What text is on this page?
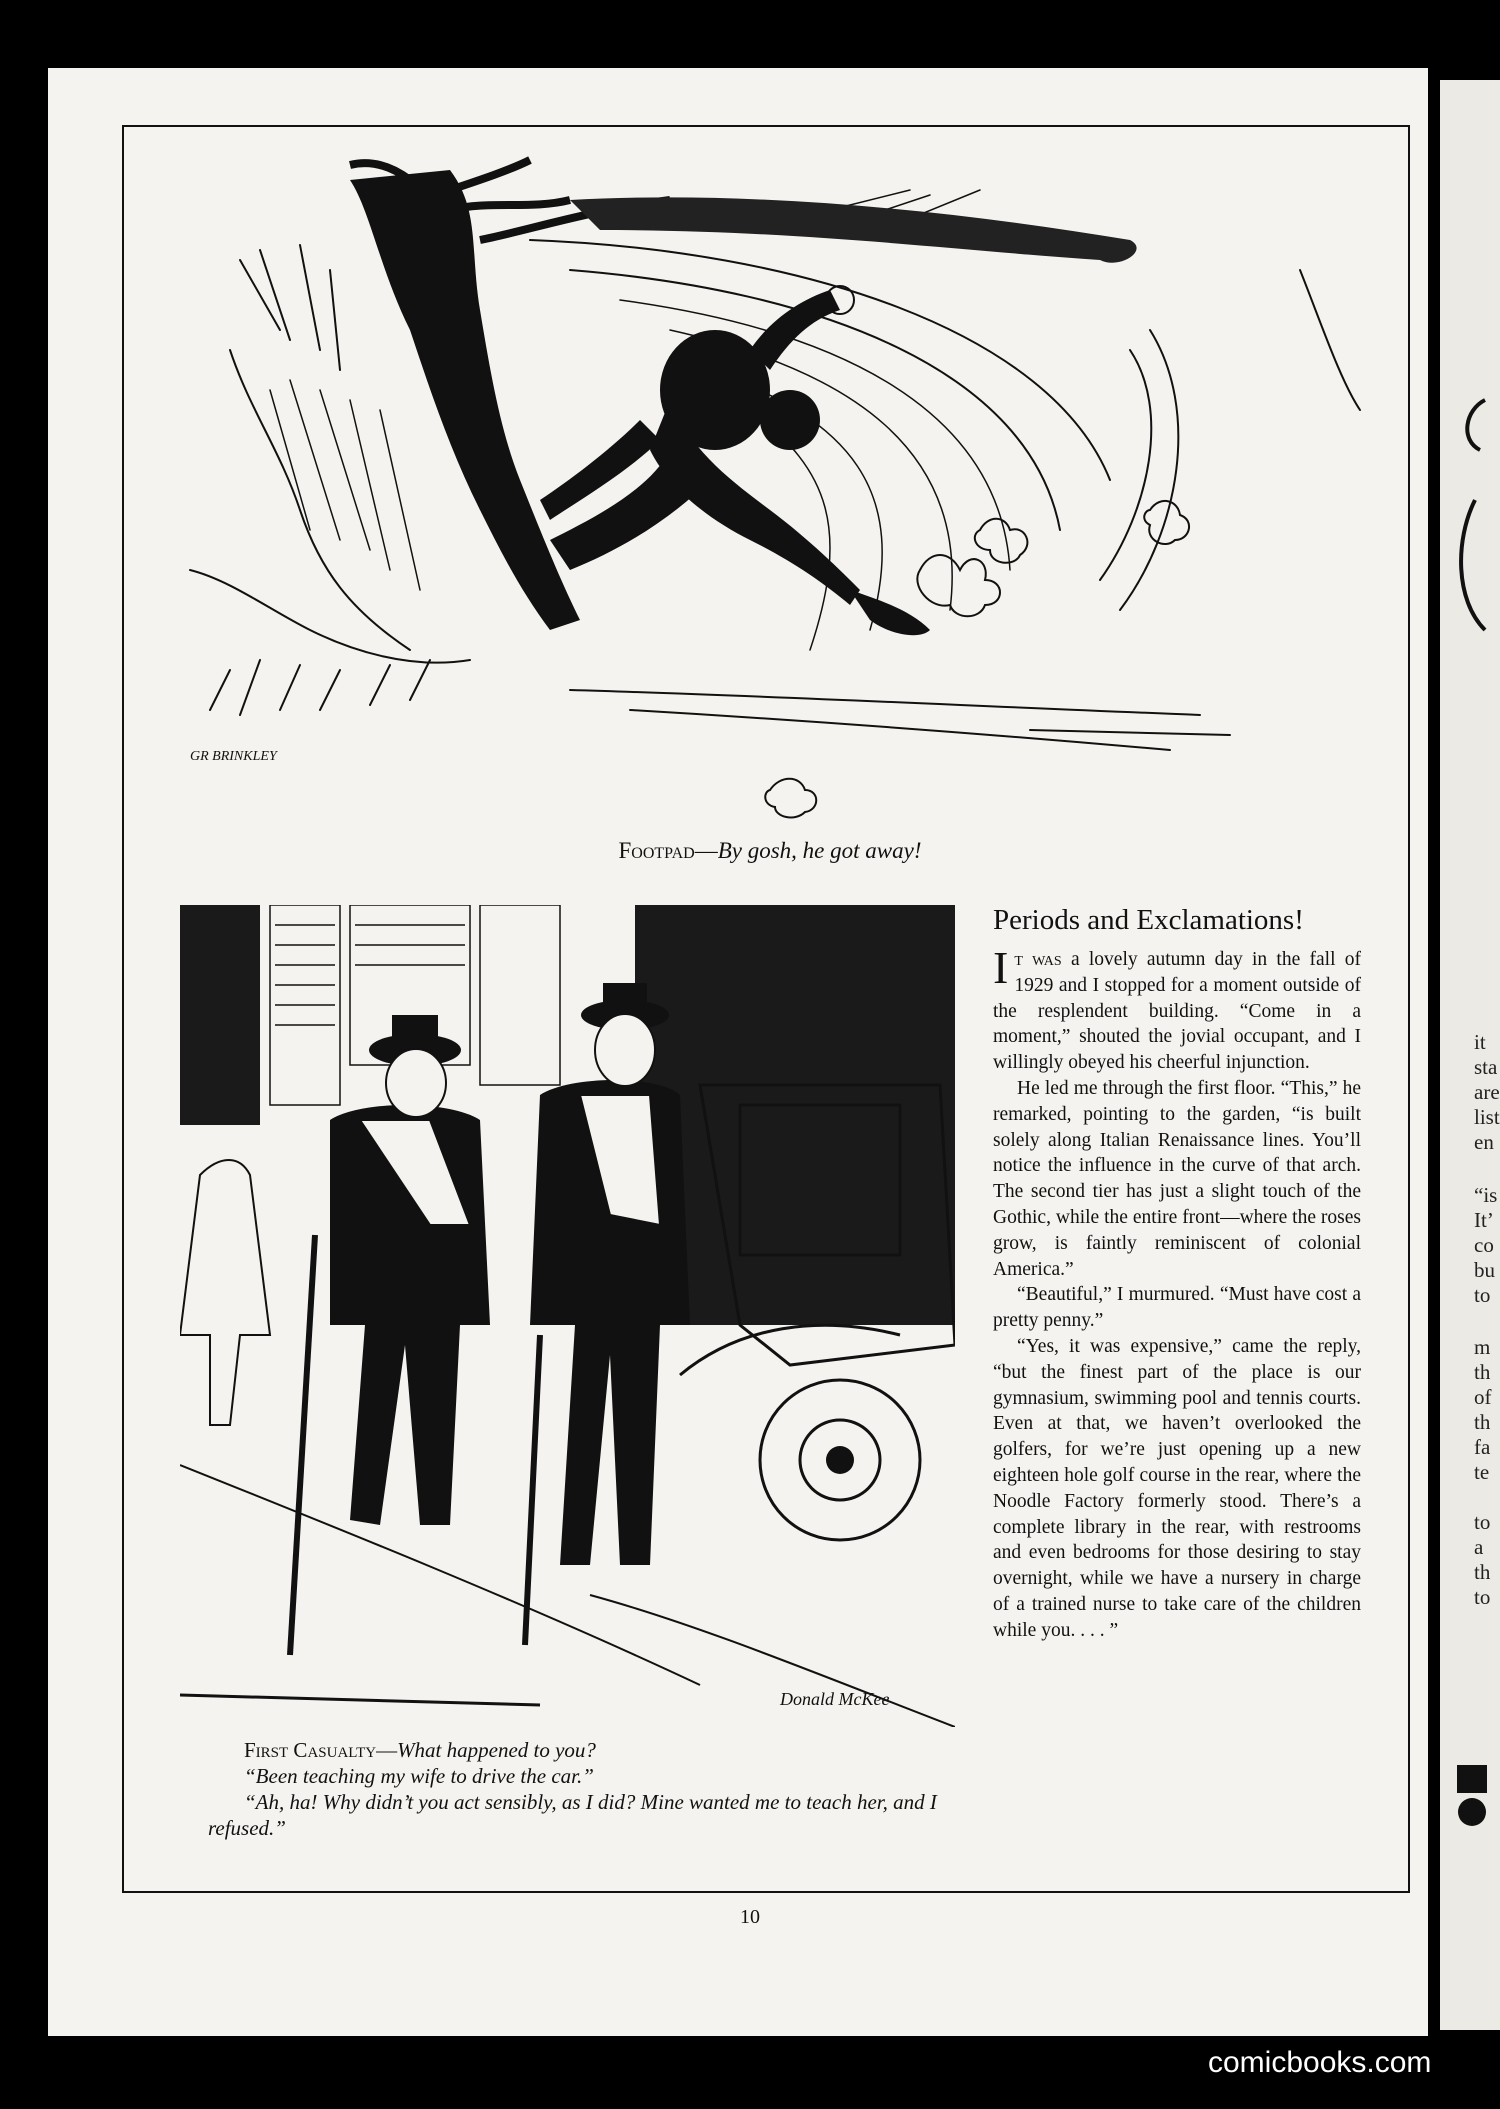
it
sta
are
list
en
“is
It’
co
bu
to
m
th
of
th
fa
te
to
a
th
to
GR BRINKLEY
Footpad—By gosh, he got away!
Donald McKee
First Casualty—What happened to you?
“Been teaching my wife to drive the car.”
“Ah, ha! Why didn’t you act sensibly, as I did? Mine wanted me to teach her, and I refused.”
Periods and Exclamations!

It was a lovely autumn day in the fall of 1929 and I stopped for a moment outside of the resplendent building. “Come in a moment,” shouted the jovial occupant, and I willingly obeyed his cheerful injunction.

He led me through the first floor. “This,” he remarked, pointing to the garden, “is built solely along Italian Renaissance lines. You’ll notice the influence in the curve of that arch. The second tier has just a slight touch of the Gothic, while the entire front—where the roses grow, is faintly reminiscent of colonial America.”

“Beautiful,” I murmured. “Must have cost a pretty penny.”

“Yes, it was expensive,” came the reply, “but the finest part of the place is our gymnasium, swimming pool and tennis courts. Even at that, we haven’t overlooked the golfers, for we’re just opening up a new eighteen hole golf course in the rear, where the Noodle Factory formerly stood. There’s a complete library in the rear, with restrooms and even bedrooms for those desiring to stay overnight, while we have a nursery in charge of a trained nurse to take care of the children while you. . . . ”

10
comicbooks.com
